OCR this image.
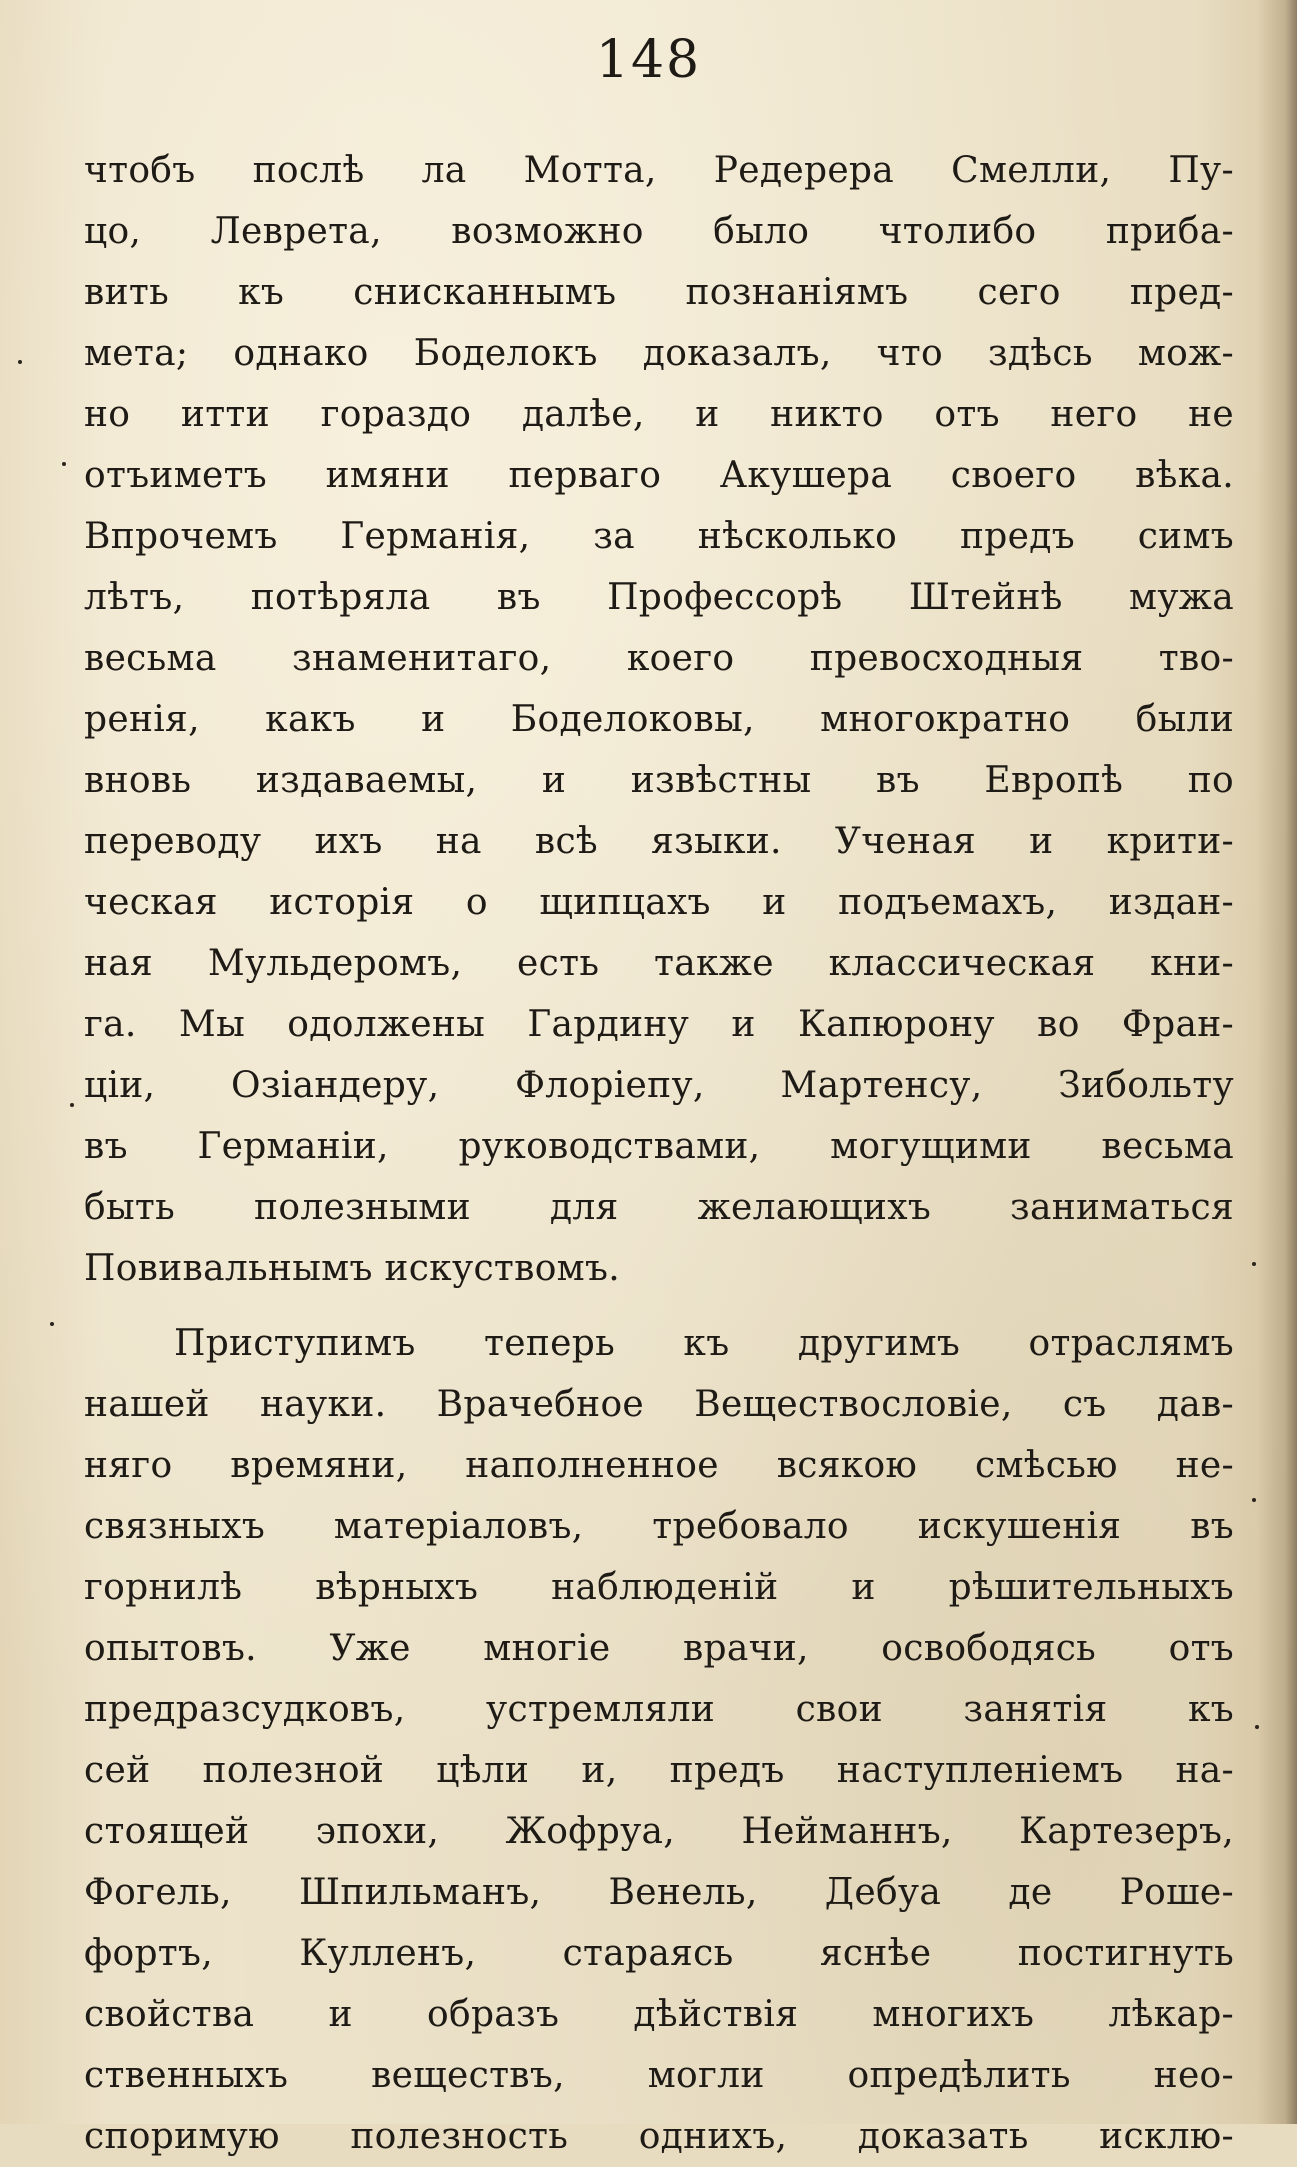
148
чтобъ послѣ ла Мотта, Редерера Смелли, Пу-
цо, Леврета, возможно было чтолибо приба-
вить къ снисканнымъ познаніямъ сего пред-
мета; однако Боделокъ доказалъ, что здѣсь мож-
но итти гораздо далѣе, и никто отъ него не
отъиметъ имяни перваго Акушера своего вѣка.
Впрочемъ Германія, за нѣсколько предъ симъ
лѣтъ, потѣряла въ Профессорѣ Штейнѣ мужа
весьма знаменитаго, коего превосходныя тво-
ренія, какъ и Боделоковы, многократно были
вновь издаваемы, и извѣстны въ Европѣ по
переводу ихъ на всѣ языки. Ученая и крити-
ческая исторія о щипцахъ и подъемахъ, издан-
ная Мульдеромъ, есть также классическая кни-
га. Мы одолжены Гардину и Капюрону во Фран-
ціи, Озіандеру, Флоріепу, Мартенсу, Зибольту
въ Германіи, руководствами, могущими весьма
быть полезными для желающихъ заниматься
Повивальнымъ искуствомъ.
Приступимъ теперь къ другимъ отраслямъ
нашей науки. Врачебное Веществословіе, съ дав-
няго времяни, наполненное всякою смѣсью не-
связныхъ матеріаловъ, требовало искушенія въ
горнилѣ вѣрныхъ наблюденій и рѣшительныхъ
опытовъ. Уже многіе врачи, освободясь отъ
предразсудковъ, устремляли свои занятія къ
сей полезной цѣли и, предъ наступленіемъ на-
стоящей эпохи, Жофруа, Нейманнъ, Картезеръ,
Фогель, Шпильманъ, Венель, Дебуа де Роше-
фортъ, Кулленъ, стараясь яснѣе постигнуть
свойства и образъ дѣйствія многихъ лѣкар-
ственныхъ веществъ, могли опредѣлить нео-
споримую полезность однихъ, доказать исклю-
